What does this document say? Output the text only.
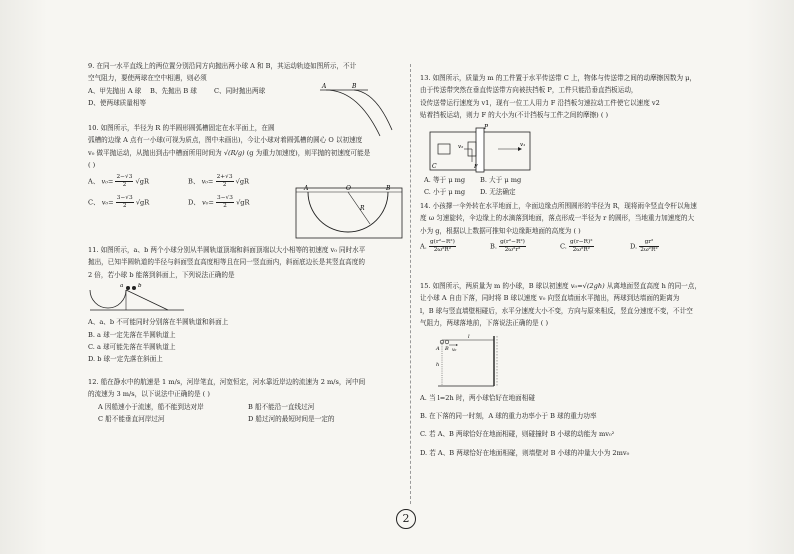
9. 在同一水平直线上的两位置分别沿同方向抛出两小球 A 和 B，其运动轨迹如图所示，不计
空气阻力，要使两球在空中相遇，则必须
A、甲先抛出 A 球	B、先抛出 B 球	C、同时抛出两球
D、使两球质量相等
A	B
10. 如图所示，半径为 R 的半圆形圆弧槽固定在水平面上，在圆
弧槽的边缘 A 点有一小球(可视为质点，图中未画出)，今让小球对着圆弧槽的圆心 O 以初速度
v₀ 做平抛运动，从抛出到击中槽面所用时间为 √(R/g) (g 为重力加速度)，则平抛的初速度可能是
( )
A、 $v_0= \frac{2-√3}{2} √gR$	B、 $v_0= \frac{2+√3}{2} √gR$
C、 $v_0= \frac{3-√3}{2} √gR$	D、 $v_0= \frac{3-√3}{2} √gR$
A	O	B
R
11. 如图所示，a、b 两个小球分别从半圆轨道顶端和斜面顶端以大小相等的初速度 v₀ 同时水平
抛出，已知半圆轨道的半径与斜面竖直高度相等且在同一竖直面内，斜面底边长是其竖直高度的
2 倍，若小球 b 能落到斜面上，下列说法正确的是
a	b
A、a、b 不可能同时分别落在半圆轨道和斜面上
B. a 球一定先落在半圆轨道上
C. a 球可能先落在半圆轨道上
D. b 球一定先落在斜面上
12. 船在静水中的航速是 1 m/s，河岸笔直，河宽恒定，河水靠近岸边的流速为 2 m/s，河中间
的流速为 3 m/s，以下说法中正确的是 ( )
A 因船速小于流速，船不能到达对岸	B 船不能沿一直线过河
C 船不能垂直河岸过河	D 船过河的最短时间是一定的
13. 如图所示，质量为 m 的工件置于水平传送带 C 上，物体与传送带之间的动摩擦因数为 μ，
由于传送带突然在垂直传送带方向被扶挡板 P，工件只能沿垂直挡板运动，
设传送带运行速度为 v1，现有一位工人用力 F 沿挡板匀速拉动工件使它以速度 v2
贴着挡板运动，则力 F 的大小为(不计挡板与工件之间的摩擦) ( )
P
v₁
v₂
F
C
A. 等于 μ mg	B. 大于 μ mg
C. 小于 μ mg	D. 无法确定
14. 小孩撑一伞外转在水平地面上，伞面边缘点所围圆形的半径为 R，现将雨伞竖直令杆以角速
度 ω 匀速旋转，伞边缘上的水滴落到地面，落点形成一半径为 r 的圆形，当地重力加速度的大
小为 g，根据以上数据可推知伞边缘距地面的高度为 ( )
A. $\frac{\text{g(r²−R²)}}{\text{2ω²R²}}$	B. $\frac{\text{g(r²−R²)}}{\text{2ω²r²}}$	C. $\frac{\text{g(r−R)²}}{\text{2ω²R²}}$	D. $\frac{\text{gr²}}{\text{2ω²R²}}$
15. 如图所示，两质量为 m 的小球，B 球以初速度 v₀=√(2gh) 从离地面竖直高度 h 的同一点，
让小球 A 自由下落，同时将 B 球以速度 v₀ 向竖直墙面水平抛出，两球到达墙面的距离为
l，B 球与竖直墙壁相碰后，水平分速度大小不变，方向与原来相反，竖直分速度不变，不计空
气阻力，两球落地前，下落说法正确的是 ( )
A B v₀
l
h
A. 当 l=2h 时，两小球恰好在地面相碰
B. 在下落的同一时刻，A 球的重力功率小于 B 球的重力功率
C. 若 A、B 两球恰好在地面相碰，则碰撞时 B 小球的动能为 mv₀²
D. 若 A、B 两球恰好在地面相碰，则墙壁对 B 小球的冲量大小为 2mv₀
2
